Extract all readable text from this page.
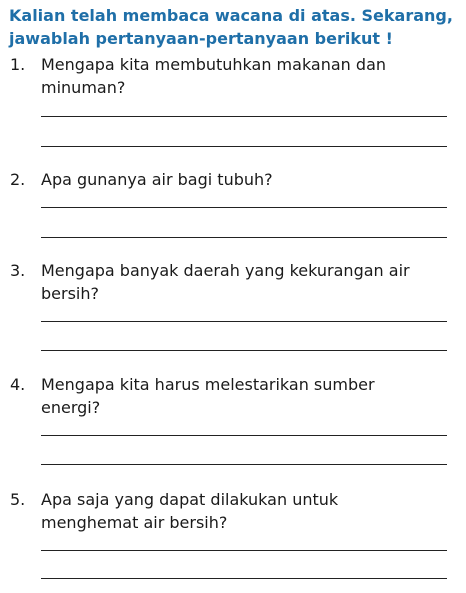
Kalian telah membaca wacana di atas. Sekarang, jawablah pertanyaan-pertanyaan berikut !

1. Mengapa kita membutuhkan makanan dan minuman?

2. Apa gunanya air bagi tubuh?

3. Mengapa banyak daerah yang kekurangan air bersih?

4. Mengapa kita harus melestarikan sumber energi?

5. Apa saja yang dapat dilakukan untuk menghemat air bersih?
